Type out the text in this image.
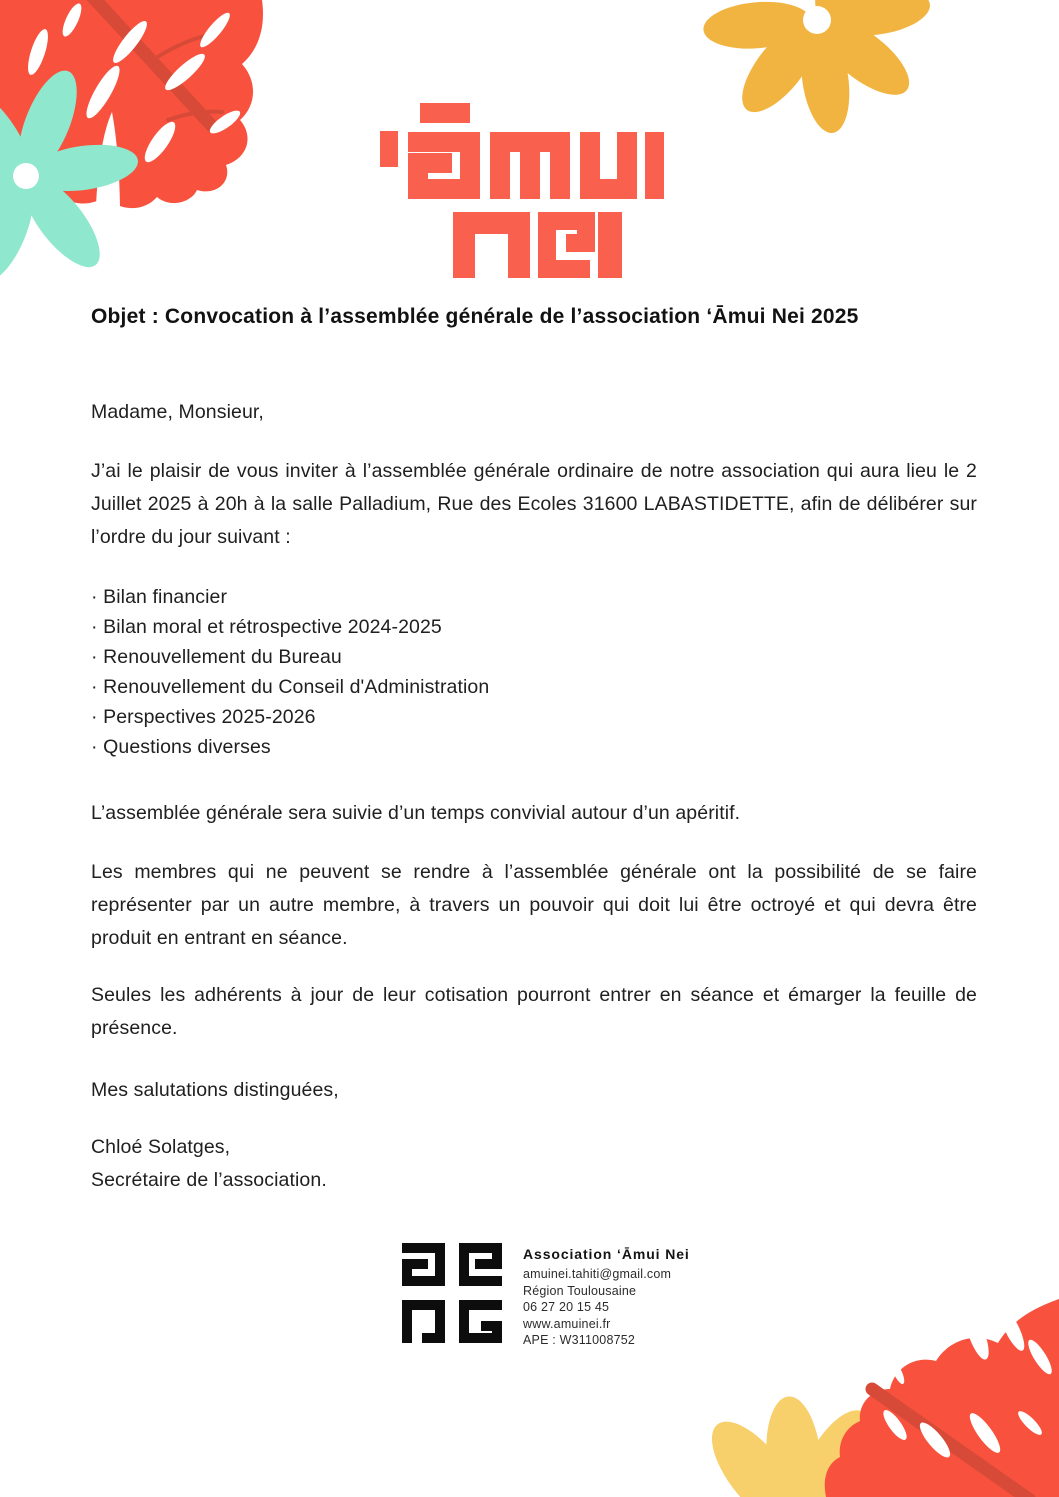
Objet : Convocation à l’assemblée générale de l’association ‘Āmui Nei 2025

Madame, Monsieur,

J’ai le plaisir de vous inviter à l’assemblée générale ordinaire de notre association qui aura lieu le 2 Juillet 2025 à 20h à la salle Palladium, Rue des Ecoles 31600 LABASTIDETTE, afin de délibérer sur l’ordre du jour suivant :

· Bilan financier
· Bilan moral et rétrospective 2024-2025
· Renouvellement du Bureau
· Renouvellement du Conseil d'Administration
· Perspectives 2025-2026
· Questions diverses

L’assemblée générale sera suivie d’un temps convivial autour d’un apéritif.

Les membres qui ne peuvent se rendre à l’assemblée générale ont la possibilité de se faire représenter par un autre membre, à travers un pouvoir qui doit lui être octroyé et qui devra être produit en entrant en séance.

Seules les adhérents à jour de leur cotisation pourront entrer en séance et émarger la feuille de présence.

Mes salutations distinguées,

Chloé Solatges,

Secrétaire de l’association.

Association ‘Āmui Nei
amuinei.tahiti@gmail.com
Région Toulousaine
06 27 20 15 45
www.amuinei.fr
APE : W311008752
